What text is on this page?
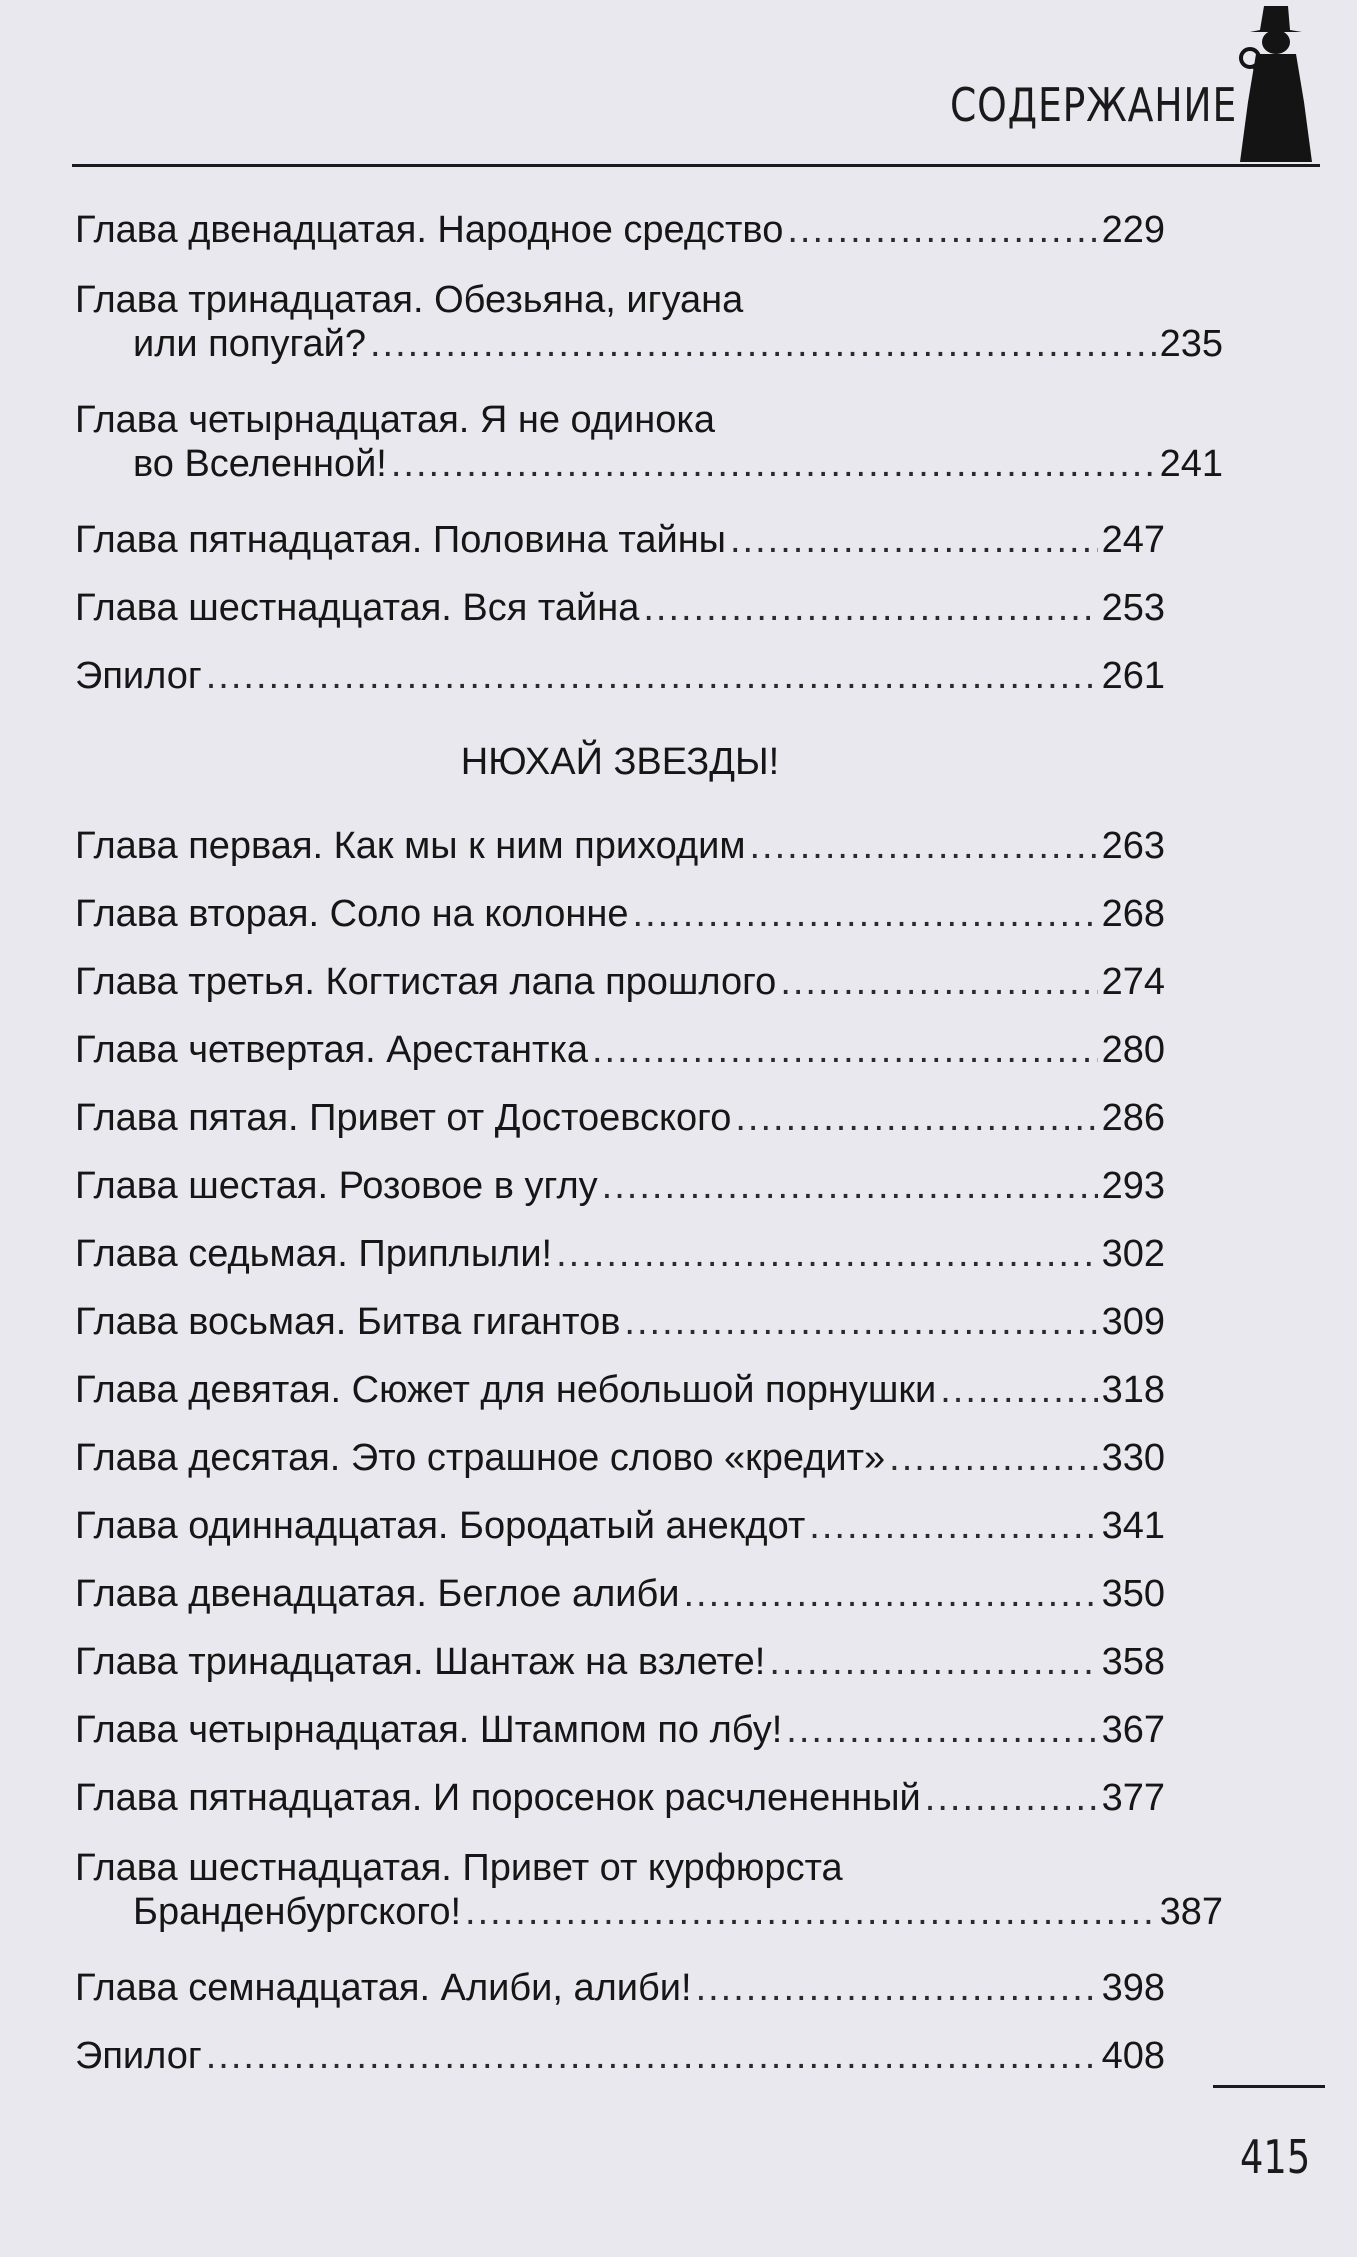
СОДЕРЖАНИЕ
Глава двенадцатая. Народное средство .....	229
Глава тринадцатая. Обезьяна, игуана
или попугай? .....	235
Глава четырнадцатая. Я не одинока
во Вселенной! .....	241
Глава пятнадцатая. Половина тайны .....	247
Глава шестнадцатая. Вся тайна .....	253
Эпилог .....	261
НЮХАЙ ЗВЕЗДЫ!
Глава первая. Как мы к ним приходим .....	263
Глава вторая. Соло на колонне .....	268
Глава третья. Когтистая лапа прошлого .....	274
Глава четвертая. Арестантка .....	280
Глава пятая. Привет от Достоевского .....	286
Глава шестая. Розовое в углу .....	293
Глава седьмая. Приплыли! .....	302
Глава восьмая. Битва гигантов .....	309
Глава девятая. Сюжет для небольшой порнушки .....	318
Глава десятая. Это страшное слово «кредит» .....	330
Глава одиннадцатая. Бородатый анекдот .....	341
Глава двенадцатая. Беглое алиби .....	350
Глава тринадцатая. Шантаж на взлете! .....	358
Глава четырнадцатая. Штампом по лбу! .....	367
Глава пятнадцатая. И поросенок расчлененный .....	377
Глава шестнадцатая. Привет от курфюрста
Бранденбургского! .....	387
Глава семнадцатая. Алиби, алиби! .....	398
Эпилог .....	408
415
